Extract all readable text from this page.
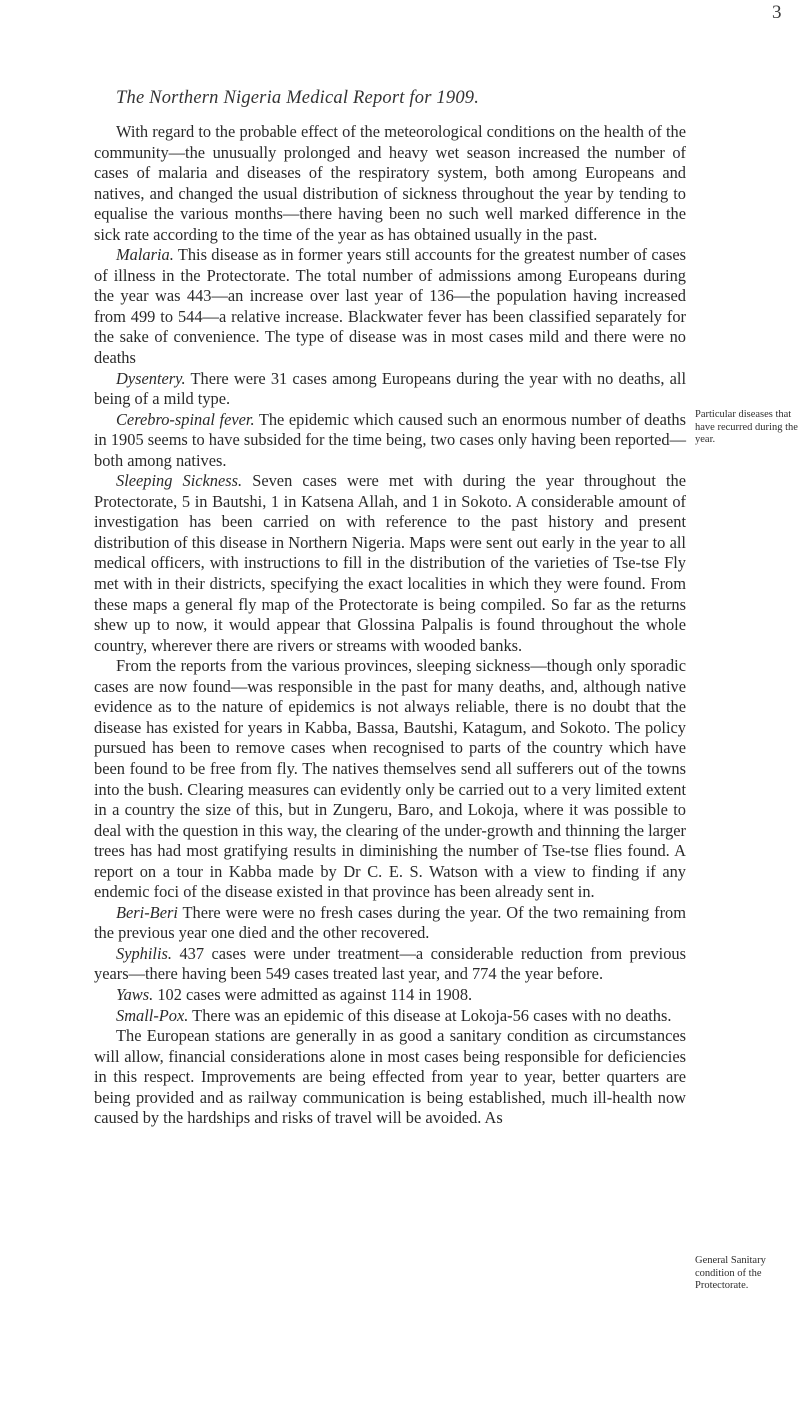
3
The Northern Nigeria Medical Report for 1909.

With regard to the probable effect of the meteorological conditions on the health of the community—the unusually prolonged and heavy wet season increased the number of cases of malaria and diseases of the respiratory system, both among Europeans and natives, and changed the usual distribution of sickness throughout the year by tending to equalise the various months—there having been no such well marked difference in the sick rate according to the time of the year as has obtained usually in the past.

Malaria. This disease as in former years still accounts for the greatest number of cases of illness in the Protectorate. The total number of admissions among Europeans during the year was 443—an increase over last year of 136—the population having increased from 499 to 544—a relative increase. Blackwater fever has been classified separately for the sake of convenience. The type of disease was in most cases mild and there were no deaths

Dysentery. There were 31 cases among Europeans during the year with no deaths, all being of a mild type.

Cerebro-spinal fever. The epidemic which caused such an enormous number of deaths in 1905 seems to have subsided for the time being, two cases only having been reported—both among natives.

Sleeping Sickness. Seven cases were met with during the year throughout the Protectorate, 5 in Bautshi, 1 in Katsena Allah, and 1 in Sokoto. A considerable amount of investigation has been carried on with reference to the past history and present distribution of this disease in Northern Nigeria. Maps were sent out early in the year to all medical officers, with instructions to fill in the distribution of the varieties of Tse-tse Fly met with in their districts, specifying the exact localities in which they were found. From these maps a general fly map of the Protectorate is being compiled. So far as the returns shew up to now, it would appear that Glossina Palpalis is found throughout the whole country, wherever there are rivers or streams with wooded banks.

From the reports from the various provinces, sleeping sickness—though only sporadic cases are now found—was responsible in the past for many deaths, and, although native evidence as to the nature of epidemics is not always reliable, there is no doubt that the disease has existed for years in Kabba, Bassa, Bautshi, Katagum, and Sokoto. The policy pursued has been to remove cases when recognised to parts of the country which have been found to be free from fly. The natives themselves send all sufferers out of the towns into the bush. Clearing measures can evidently only be carried out to a very limited extent in a country the size of this, but in Zungeru, Baro, and Lokoja, where it was possible to deal with the question in this way, the clearing of the under-growth and thinning the larger trees has had most gratifying results in diminishing the number of Tse-tse flies found. A report on a tour in Kabba made by Dr C. E. S. Watson with a view to finding if any endemic foci of the disease existed in that province has been already sent in.

Beri-Beri There were were no fresh cases during the year. Of the two remaining from the previous year one died and the other recovered.

Syphilis. 437 cases were under treatment—a considerable reduction from previous years—there having been 549 cases treated last year, and 774 the year before.

Yaws. 102 cases were admitted as against 114 in 1908.

Small-Pox. There was an epidemic of this disease at Lokoja-56 cases with no deaths.

The European stations are generally in as good a sanitary condition as circumstances will allow, financial considerations alone in most cases being responsible for deficiencies in this respect. Improvements are being effected from year to year, better quarters are being provided and as railway communication is being established, much ill-health now caused by the hardships and risks of travel will be avoided. As

Particular diseases that have recurred during the year.
General Sanitary condition of the Protectorate.
